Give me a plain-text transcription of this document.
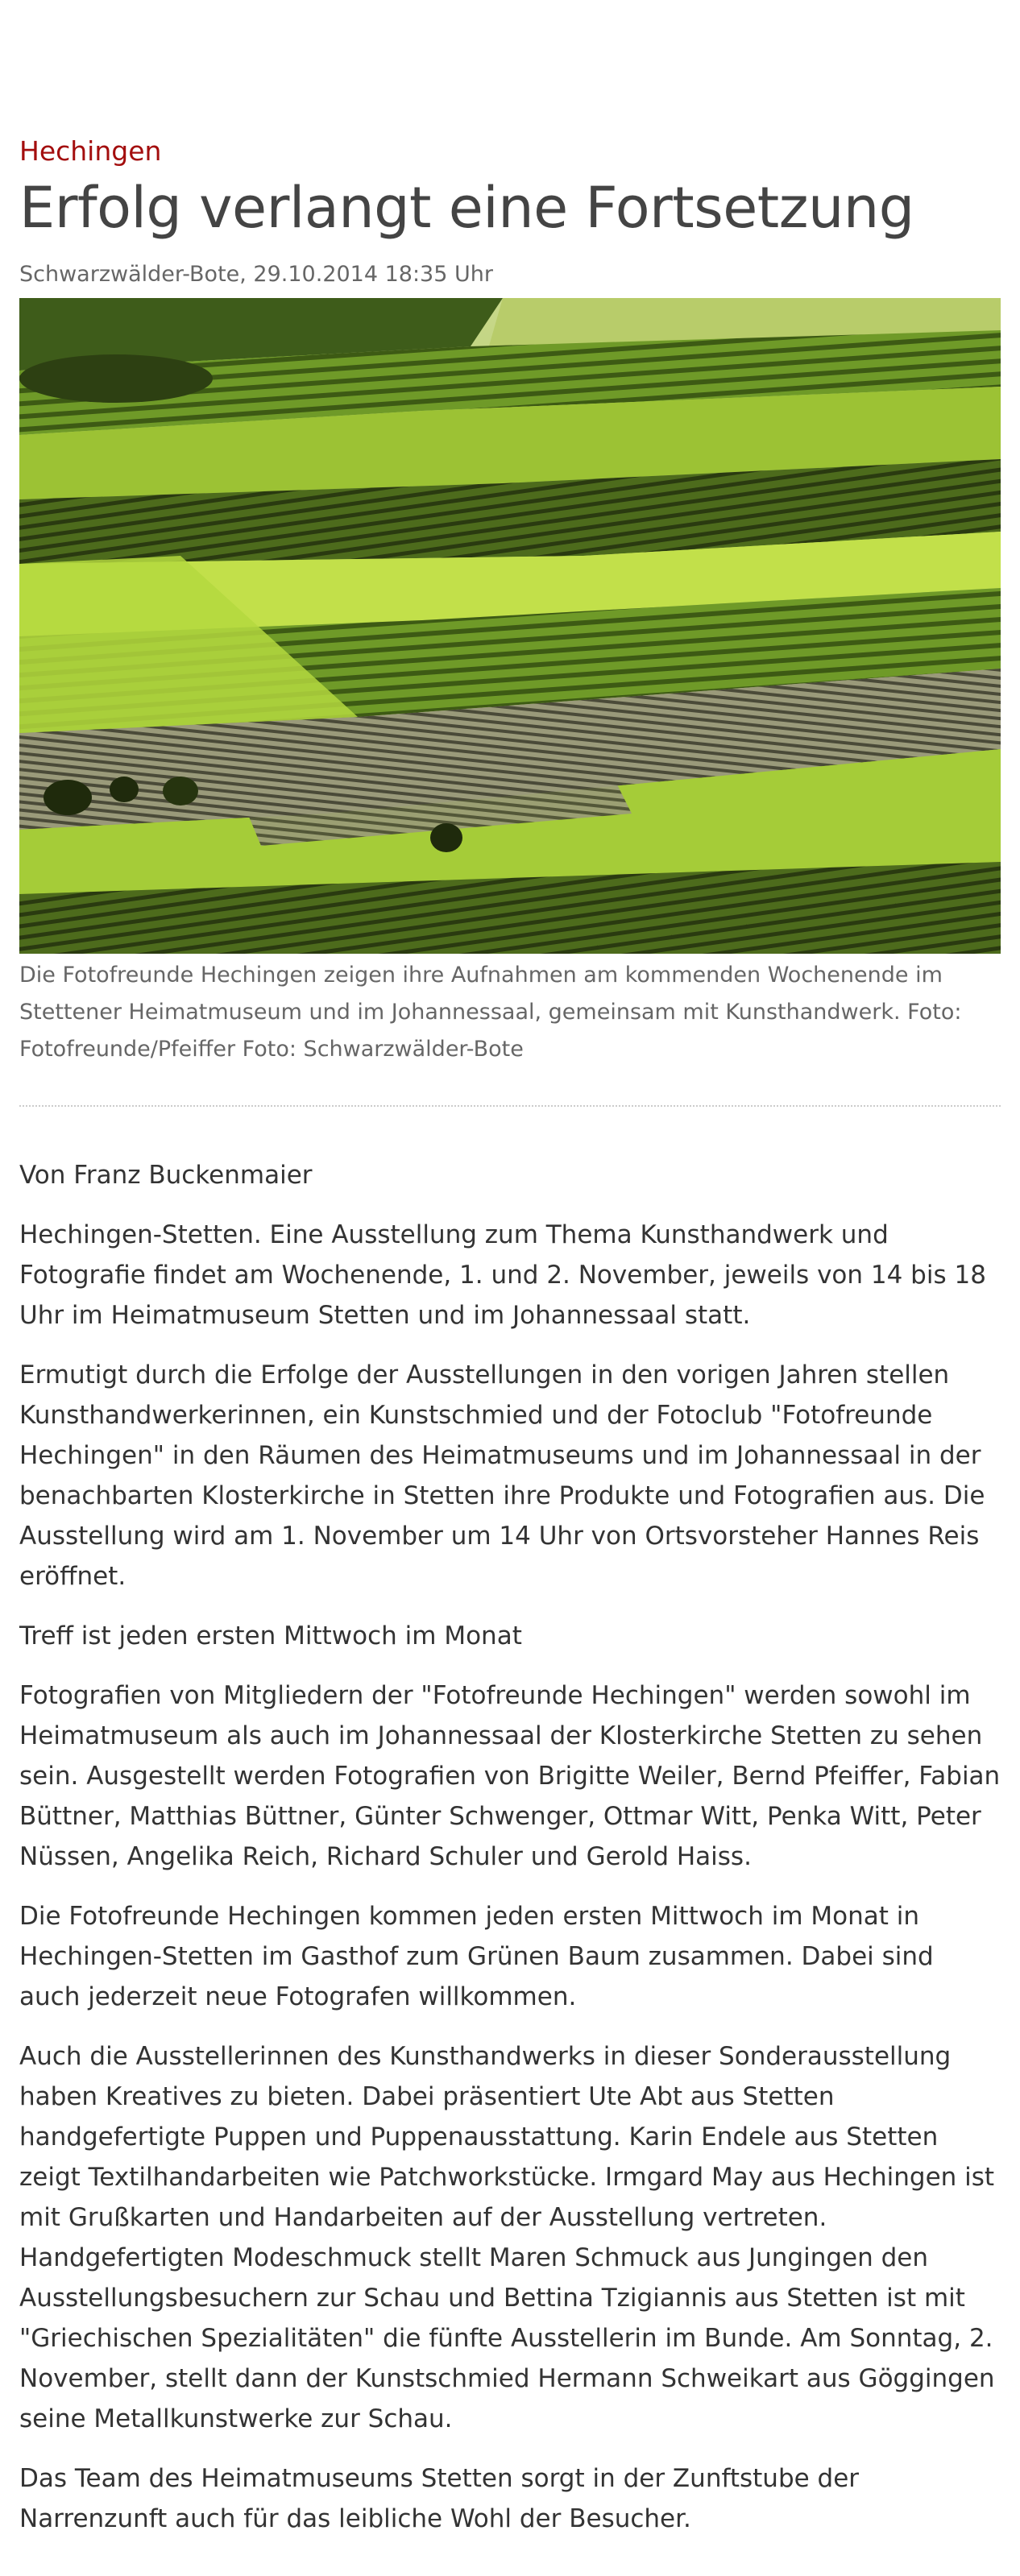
Hechingen
Erfolg verlangt eine Fortsetzung
Schwarzwälder-Bote, 29.10.2014 18:35 Uhr

Die Fotofreunde Hechingen zeigen ihre Aufnahmen am kommenden Wochenende im Stettener Heimatmuseum und im Johannessaal, gemeinsam mit Kunsthandwerk. Foto: Fotofreunde/Pfeiffer Foto: Schwarzwälder-Bote

Von Franz Buckenmaier

Hechingen-Stetten. Eine Ausstellung zum Thema Kunsthandwerk und Fotografie findet am Wochenende, 1. und 2. November, jeweils von 14 bis 18 Uhr im Heimatmuseum Stetten und im Johannessaal statt.

Ermutigt durch die Erfolge der Ausstellungen in den vorigen Jahren stellen Kunsthandwerkerinnen, ein Kunstschmied und der Fotoclub "Fotofreunde Hechingen" in den Räumen des Heimatmuseums und im Johannessaal in der benachbarten Klosterkirche in Stetten ihre Produkte und Fotografien aus. Die Ausstellung wird am 1. November um 14 Uhr von Ortsvorsteher Hannes Reis eröffnet.

Treff ist jeden ersten Mittwoch im Monat

Fotografien von Mitgliedern der "Fotofreunde Hechingen" werden sowohl im Heimatmuseum als auch im Johannessaal der Klosterkirche Stetten zu sehen sein. Ausgestellt werden Fotografien von Brigitte Weiler, Bernd Pfeiffer, Fabian Büttner, Matthias Büttner, Günter Schwenger, Ottmar Witt, Penka Witt, Peter Nüssen, Angelika Reich, Richard Schuler und Gerold Haiss.

Die Fotofreunde Hechingen kommen jeden ersten Mittwoch im Monat in Hechingen-Stetten im Gasthof zum Grünen Baum zusammen. Dabei sind auch jederzeit neue Fotografen willkommen.

Auch die Ausstellerinnen des Kunsthandwerks in dieser Sonderausstellung haben Kreatives zu bieten. Dabei präsentiert Ute Abt aus Stetten handgefertigte Puppen und Puppenausstattung. Karin Endele aus Stetten zeigt Textilhandarbeiten wie Patchworkstücke. Irmgard May aus Hechingen ist mit Grußkarten und Handarbeiten auf der Ausstellung vertreten. Handgefertigten Modeschmuck stellt Maren Schmuck aus Jungingen den Ausstellungsbesuchern zur Schau und Bettina Tzigiannis aus Stetten ist mit "Griechischen Spezialitäten" die fünfte Ausstellerin im Bunde. Am Sonntag, 2. November, stellt dann der Kunstschmied Hermann Schweikart aus Göggingen seine Metallkunstwerke zur Schau.

Das Team des Heimatmuseums Stetten sorgt in der Zunftstube der Narrenzunft auch für das leibliche Wohl der Besucher.
